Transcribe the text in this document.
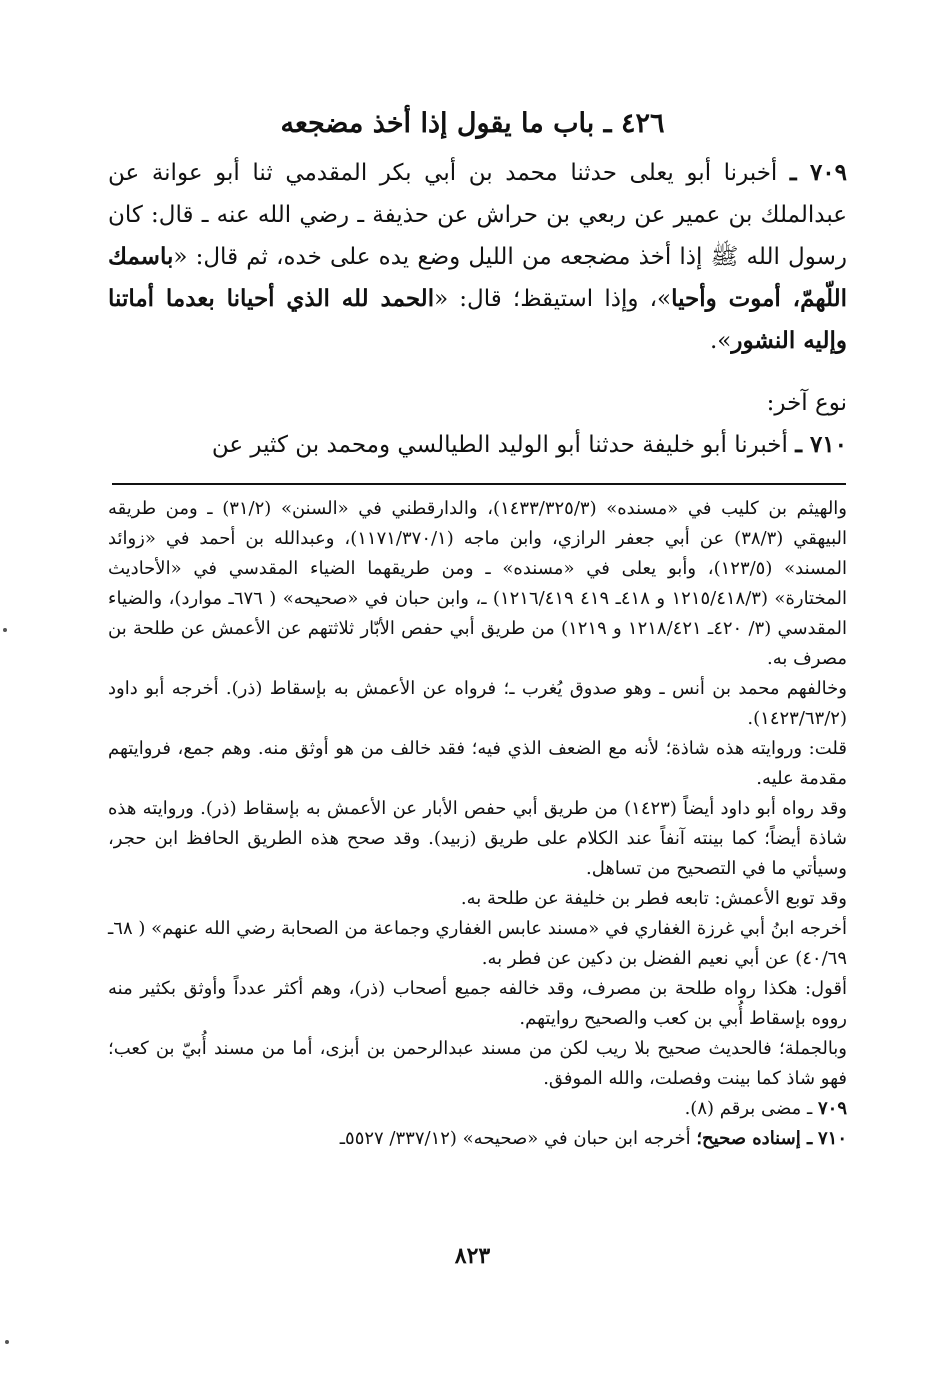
٤٢٦ ـ باب ما يقول إذا أخذ مضجعه

٧٠٩ ـ أخبرنا أبو يعلى حدثنا محمد بن أبي بكر المقدمي ثنا أبو عوانة عن عبدالملك بن عمير عن ربعي بن حراش عن حذيفة ـ رضي الله عنه ـ قال: كان رسول الله ﷺ إذا أخذ مضجعه من الليل وضع يده على خده، ثم قال: «باسمك اللّهمّ، أموت وأحيا»، وإذا استيقظ؛ قال: «الحمد لله الذي أحيانا بعدما أماتنا وإليه النشور».

نوع آخر:

٧١٠ ـ أخبرنا أبو خليفة حدثنا أبو الوليد الطيالسي ومحمد بن كثير عن

والهيثم بن كليب في «مسنده» (١٤٣٣/٣٢٥/٣)، والدارقطني في «السنن» (٣١/٢) ـ ومن طريقه البيهقي (٣٨/٣) عن أبي جعفر الرازي، وابن ماجه (١١٧١/٣٧٠/١)، وعبدالله بن أحمد في «زوائد المسند» (١٢٣/٥)، وأبو يعلى في «مسنده» ـ ومن طريقهما الضياء المقدسي في «الأحاديث المختارة» (١٢١٥/٤١٨/٣ و ٤١٨ـ ٤١٩ ١٢١٦/٤١٩) ـ، وابن حبان في «صحيحه» ( ٦٧٦ـ موارد)، والضياء المقدسي (٣/ ٤٢٠ـ ١٢١٨/٤٢١ و ١٢١٩) من طريق أبي حفص الأبّار ثلاثتهم عن الأعمش عن طلحة بن مصرف به.

وخالفهم محمد بن أنس ـ وهو صدوق يُغرب ـ؛ فرواه عن الأعمش به بإسقاط (ذر). أخرجه أبو داود (١٤٢٣/٦٣/٢).

قلت: وروايته هذه شاذة؛ لأنه مع الضعف الذي فيه؛ فقد خالف من هو أوثق منه. وهم جمع، فروايتهم مقدمة عليه.

وقد رواه أبو داود أيضاً (١٤٢٣) من طريق أبي حفص الأبار عن الأعمش به بإسقاط (ذر). وروايته هذه شاذة أيضاً؛ كما بينته آنفاً عند الكلام على طريق (زبيد). وقد صحح هذه الطريق الحافظ ابن حجر، وسيأتي ما في التصحيح من تساهل.

وقد توبع الأعمش: تابعه فطر بن خليفة عن طلحة به.

أخرجه ابنُ أبي غرزة الغفاري في «مسند عابس الغفاري وجماعة من الصحابة رضي الله عنهم» ( ٦٨ـ ٤٠/٦٩) عن أبي نعيم الفضل بن دكين عن فطر به.

أقول: هكذا رواه طلحة بن مصرف، وقد خالفه جميع أصحاب (ذر)، وهم أكثر عدداً وأوثق بكثير منه رووه بإسقاط أُبي بن كعب والصحيح روايتهم.

وبالجملة؛ فالحديث صحيح بلا ريب لكن من مسند عبدالرحمن بن أبزى، أما من مسند أُبيّ بن كعب؛ فهو شاذ كما بينت وفصلت، والله الموفق.

٧٠٩ ـ مضى برقم (٨).

٧١٠ ـ إسناده صحيح؛ أخرجه ابن حبان في «صحيحه» (٣٣٧/١٢/ ٥٥٢٧ـ

٨٢٣
